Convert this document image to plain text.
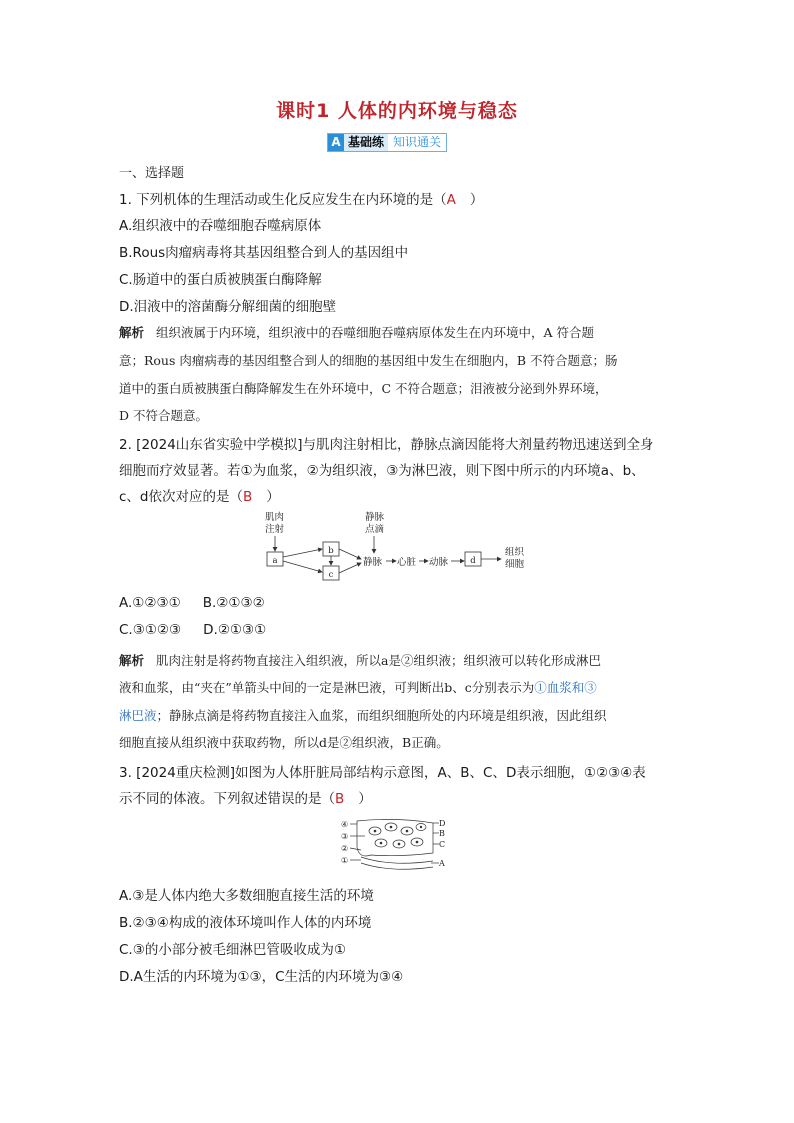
课时1 人体的内环境与稳态
A 基础练 知识通关
一、选择题
1. 下列机体的生理活动或生化反应发生在内环境的是（A ）
A.组织液中的吞噬细胞吞噬病原体
B.Rous肉瘤病毒将其基因组整合到人的基因组中
C.肠道中的蛋白质被胰蛋白酶降解
D.泪液中的溶菌酶分解细菌的细胞壁
解析 组织液属于内环境，组织液中的吞噬细胞吞噬病原体发生在内环境中，A 符合题
意；Rous 肉瘤病毒的基因组整合到人的细胞的基因组中发生在细胞内，B 不符合题意；肠
道中的蛋白质被胰蛋白酶降解发生在外环境中，C 不符合题意；泪液被分泌到外界环境，
D 不符合题意。
2. [2024山东省实验中学模拟]与肌肉注射相比，静脉点滴因能将大剂量药物迅速送到全身
细胞而疗效显著。若①为血浆，②为组织液，③为淋巴液，则下图中所示的内环境a、b、
c、d依次对应的是（B ）
肌肉
注射
静脉
点滴
静脉 心脏 动脉
组织
细胞
a
b
c
d
A.①②③① B.②①③②
C.③①②③ D.②①③①
解析 肌肉注射是将药物直接注入组织液，所以a是②组织液；组织液可以转化形成淋巴
液和血浆，由“夹在”单箭头中间的一定是淋巴液，可判断出b、c分别表示为①血浆和③
淋巴液；静脉点滴是将药物直接注入血浆，而组织细胞所处的内环境是组织液，因此组织
细胞直接从组织液中获取药物，所以d是②组织液，B正确。
3. [2024重庆检测]如图为人体肝脏局部结构示意图，A、B、C、D表示细胞，①②③④表
示不同的体液。下列叙述错误的是（B ）
④
③
②
①
D
B
C
A
A.③是人体内绝大多数细胞直接生活的环境
B.②③④构成的液体环境叫作人体的内环境
C.③的小部分被毛细淋巴管吸收成为①
D.A生活的内环境为①③，C生活的内环境为③④
